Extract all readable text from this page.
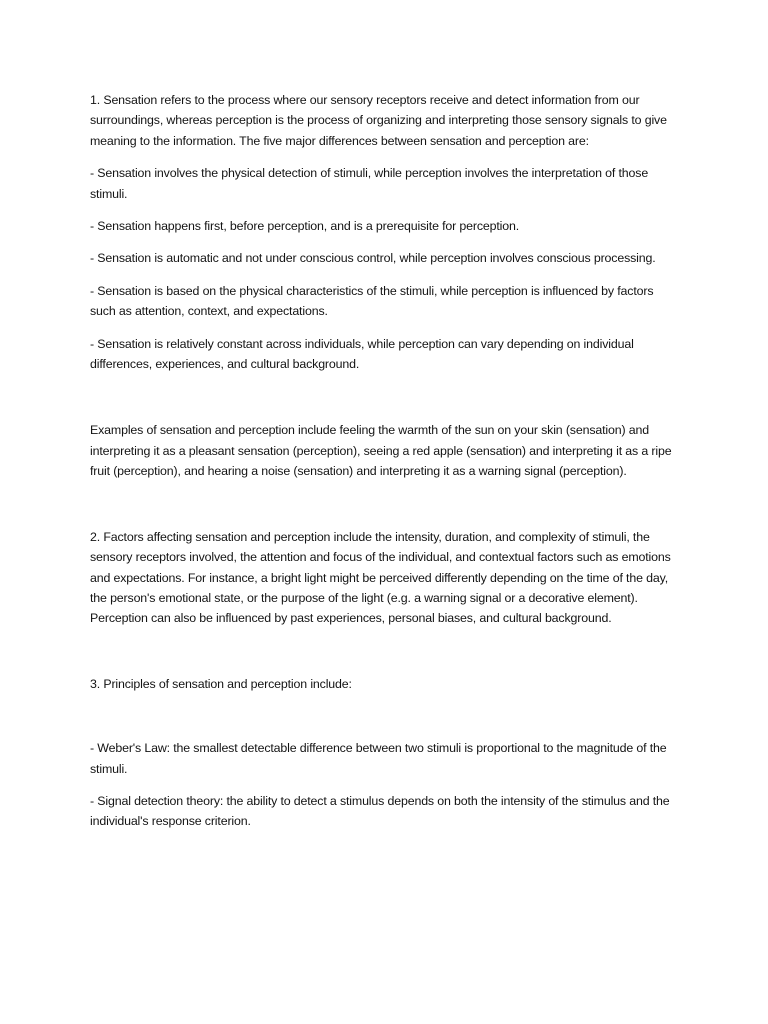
1. Sensation refers to the process where our sensory receptors receive and detect information from our surroundings, whereas perception is the process of organizing and interpreting those sensory signals to give meaning to the information. The five major differences between sensation and perception are:

- Sensation involves the physical detection of stimuli, while perception involves the interpretation of those stimuli.

- Sensation happens first, before perception, and is a prerequisite for perception.

- Sensation is automatic and not under conscious control, while perception involves conscious processing.

- Sensation is based on the physical characteristics of the stimuli, while perception is influenced by factors such as attention, context, and expectations.

- Sensation is relatively constant across individuals, while perception can vary depending on individual differences, experiences, and cultural background.

Examples of sensation and perception include feeling the warmth of the sun on your skin (sensation) and interpreting it as a pleasant sensation (perception), seeing a red apple (sensation) and interpreting it as a ripe fruit (perception), and hearing a noise (sensation) and interpreting it as a warning signal (perception).

2. Factors affecting sensation and perception include the intensity, duration, and complexity of stimuli, the sensory receptors involved, the attention and focus of the individual, and contextual factors such as emotions and expectations. For instance, a bright light might be perceived differently depending on the time of the day, the person's emotional state, or the purpose of the light (e.g. a warning signal or a decorative element). Perception can also be influenced by past experiences, personal biases, and cultural background.

3. Principles of sensation and perception include:

- Weber's Law: the smallest detectable difference between two stimuli is proportional to the magnitude of the stimuli.

- Signal detection theory: the ability to detect a stimulus depends on both the intensity of the stimulus and the individual's response criterion.
